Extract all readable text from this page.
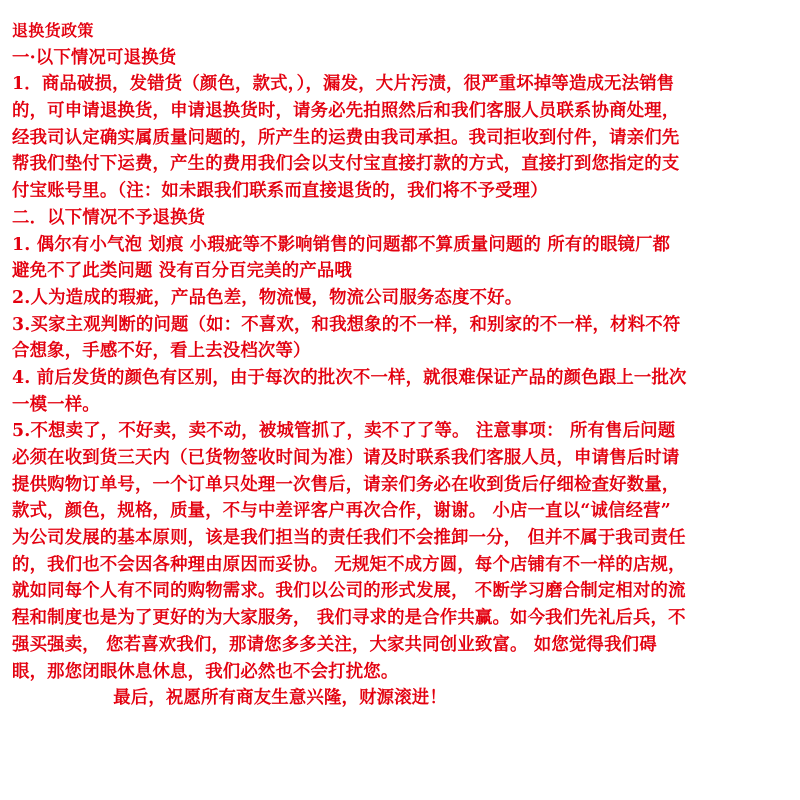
退换货政策
一·以下情况可退换货
1．商品破损，发错货（颜色，款式，），漏发，大片污渍，很严重坏掉等造成无法销售
的，可申请退换货，申请退换货时，请务必先拍照然后和我们客服人员联系协商处理，
经我司认定确实属质量问题的，所产生的运费由我司承担。我司拒收到付件，请亲们先
帮我们垫付下运费，产生的费用我们会以支付宝直接打款的方式，直接打到您指定的支
付宝账号里。（注：如未跟我们联系而直接退货的，我们将不予受理）
二．以下情况不予退换货
1. 偶尔有小气泡 划痕 小瑕疵等不影响销售的问题都不算质量问题的 所有的眼镜厂都
避免不了此类问题 没有百分百完美的产品哦
2.人为造成的瑕疵，产品色差，物流慢，物流公司服务态度不好。
3.买家主观判断的问题（如：不喜欢，和我想象的不一样，和别家的不一样，材料不符
合想象，手感不好，看上去没档次等）
4. 前后发货的颜色有区别，由于每次的批次不一样，就很难保证产品的颜色跟上一批次
一模一样。
5.不想卖了，不好卖，卖不动，被城管抓了，卖不了了等。 注意事项： 所有售后问题
必须在收到货三天内（已货物签收时间为准）请及时联系我们客服人员，申请售后时请
提供购物订单号，一个订单只处理一次售后，请亲们务必在收到货后仔细检查好数量，
款式，颜色，规格，质量，不与中差评客户再次合作，谢谢。 小店一直以“诚信经营”
为公司发展的基本原则，该是我们担当的责任我们不会推卸一分， 但并不属于我司责任
的，我们也不会因各种理由原因而妥协。 无规矩不成方圆，每个店铺有不一样的店规，
就如同每个人有不同的购物需求。我们以公司的形式发展， 不断学习磨合制定相对的流
程和制度也是为了更好的为大家服务， 我们寻求的是合作共赢。如今我们先礼后兵，不
强买强卖， 您若喜欢我们，那请您多多关注，大家共同创业致富。 如您觉得我们碍
眼，那您闭眼休息休息，我们必然也不会打扰您。
最后，祝愿所有商友生意兴隆，财源滚进！
